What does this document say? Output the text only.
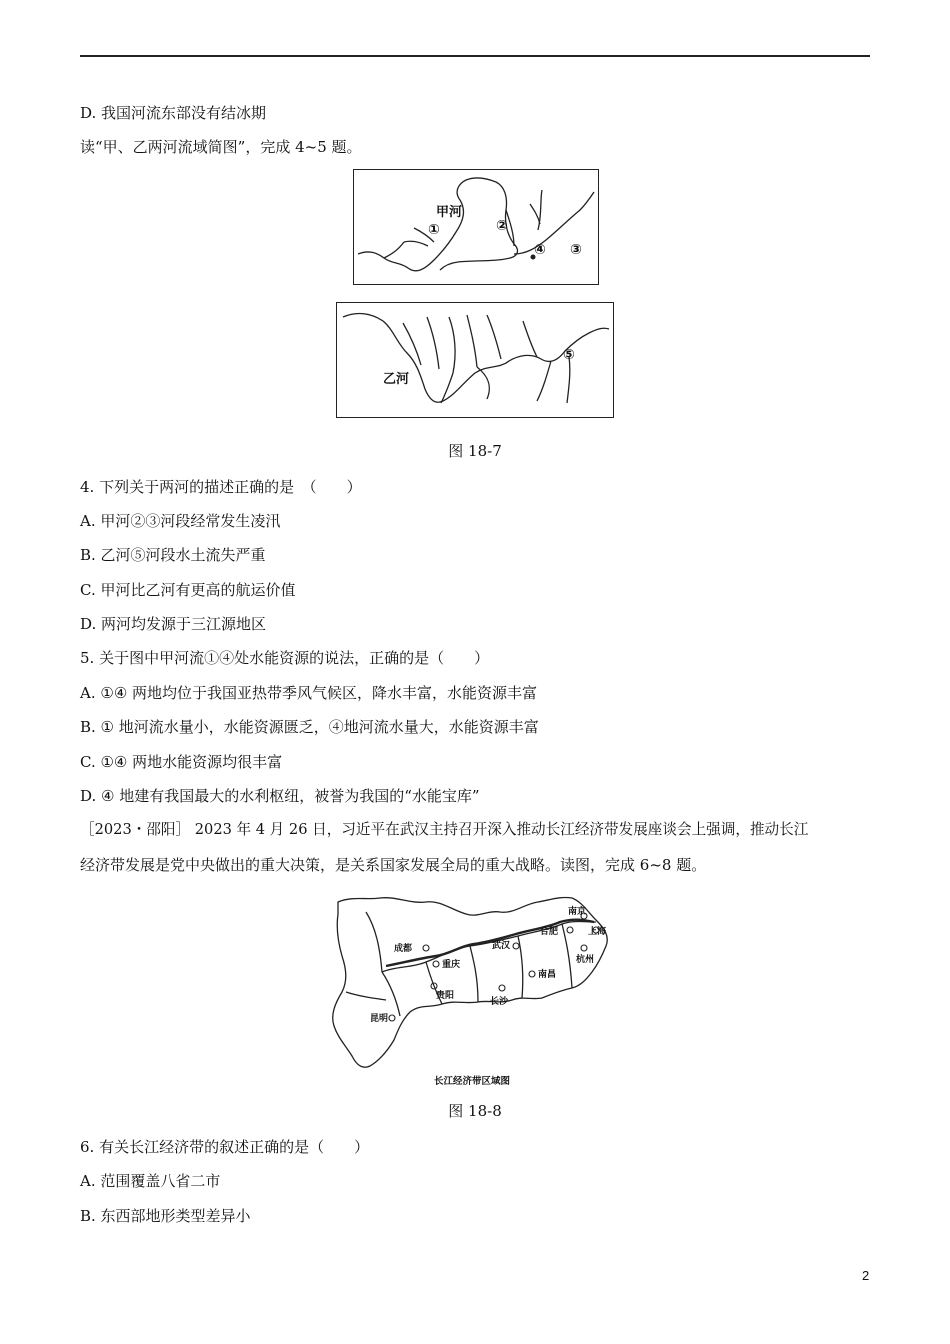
D. 我国河流东部没有结冰期
读“甲、乙两河流域简图”，完成 4~5 题。
甲河
①	②
③
④
乙河
⑤
图 18-7
4. 下列关于两河的描述正确的是　（　　）
A. 甲河②③河段经常发生凌汛
B. 乙河⑤河段水土流失严重
C. 甲河比乙河有更高的航运价值
D. 两河均发源于三江源地区
5. 关于图中甲河流①④处水能资源的说法，正确的是（　　）
A. ①④ 两地均位于我国亚热带季风气候区，降水丰富，水能资源丰富
B. ① 地河流水量小，水能资源匮乏，④地河流水量大，水能资源丰富
C. ①④ 两地水能资源均很丰富
D. ④ 地建有我国最大的水利枢纽，被誉为我国的“水能宝库”
［2023・邵阳］ 2023 年 4 月 26 日，习近平在武汉主持召开深入推动长江经济带发展座谈会上强调，推动长江
经济带发展是党中央做出的重大决策，是关系国家发展全局的重大战略。读图，完成 6~8 题。
成都
重庆
贵阳
昆明
长沙
武汉
南昌
合肥
南京
上海
杭州
长江经济带区域图
图 18-8
6. 有关长江经济带的叙述正确的是（　　）
A. 范围覆盖八省二市
B. 东西部地形类型差异小
2
